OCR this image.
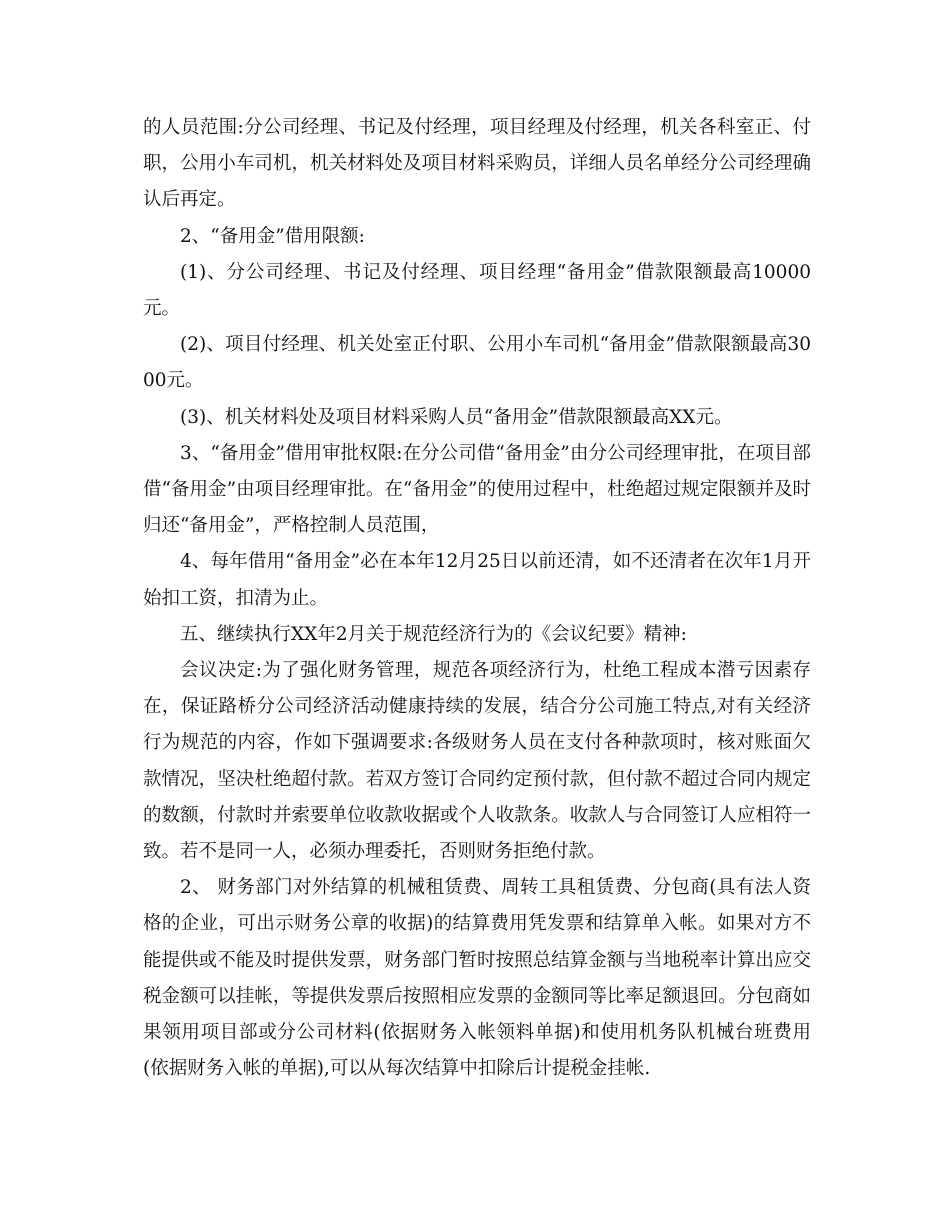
的人员范围:分公司经理、书记及付经理，项目经理及付经理，机关各科室正、付职，公用小车司机，机关材料处及项目材料采购员，详细人员名单经分公司经理确认后再定。

2、“备用金”借用限额:

(1)、分公司经理、书记及付经理、项目经理“备用金”借款限额最高10000元。

(2)、项目付经理、机关处室正付职、公用小车司机“备用金”借款限额最高3000元。

(3)、机关材料处及项目材料采购人员“备用金”借款限额最高XX元。

3、“备用金”借用审批权限:在分公司借“备用金”由分公司经理审批，在项目部借“备用金”由项目经理审批。在“备用金”的使用过程中，杜绝超过规定限额并及时归还“备用金”，严格控制人员范围，

4、每年借用“备用金”必在本年12月25日以前还清，如不还清者在次年1月开始扣工资，扣清为止。

五、继续执行XX年2月关于规范经济行为的《会议纪要》精神:

会议决定:为了强化财务管理，规范各项经济行为，杜绝工程成本潜亏因素存在，保证路桥分公司经济活动健康持续的发展，结合分公司施工特点,对有关经济行为规范的内容，作如下强调要求:各级财务人员在支付各种款项时，核对账面欠款情况，坚决杜绝超付款。若双方签订合同约定预付款，但付款不超过合同内规定的数额，付款时并索要单位收款收据或个人收款条。收款人与合同签订人应相符一致。若不是同一人，必须办理委托，否则财务拒绝付款。

2、 财务部门对外结算的机械租赁费、周转工具租赁费、分包商(具有法人资格的企业，可出示财务公章的收据)的结算费用凭发票和结算单入帐。如果对方不能提供或不能及时提供发票，财务部门暂时按照总结算金额与当地税率计算出应交税金额可以挂帐，等提供发票后按照相应发票的金额同等比率足额退回。分包商如果领用项目部或分公司材料(依据财务入帐领料单据)和使用机务队机械台班费用(依据财务入帐的单据),可以从每次结算中扣除后计提税金挂帐.
